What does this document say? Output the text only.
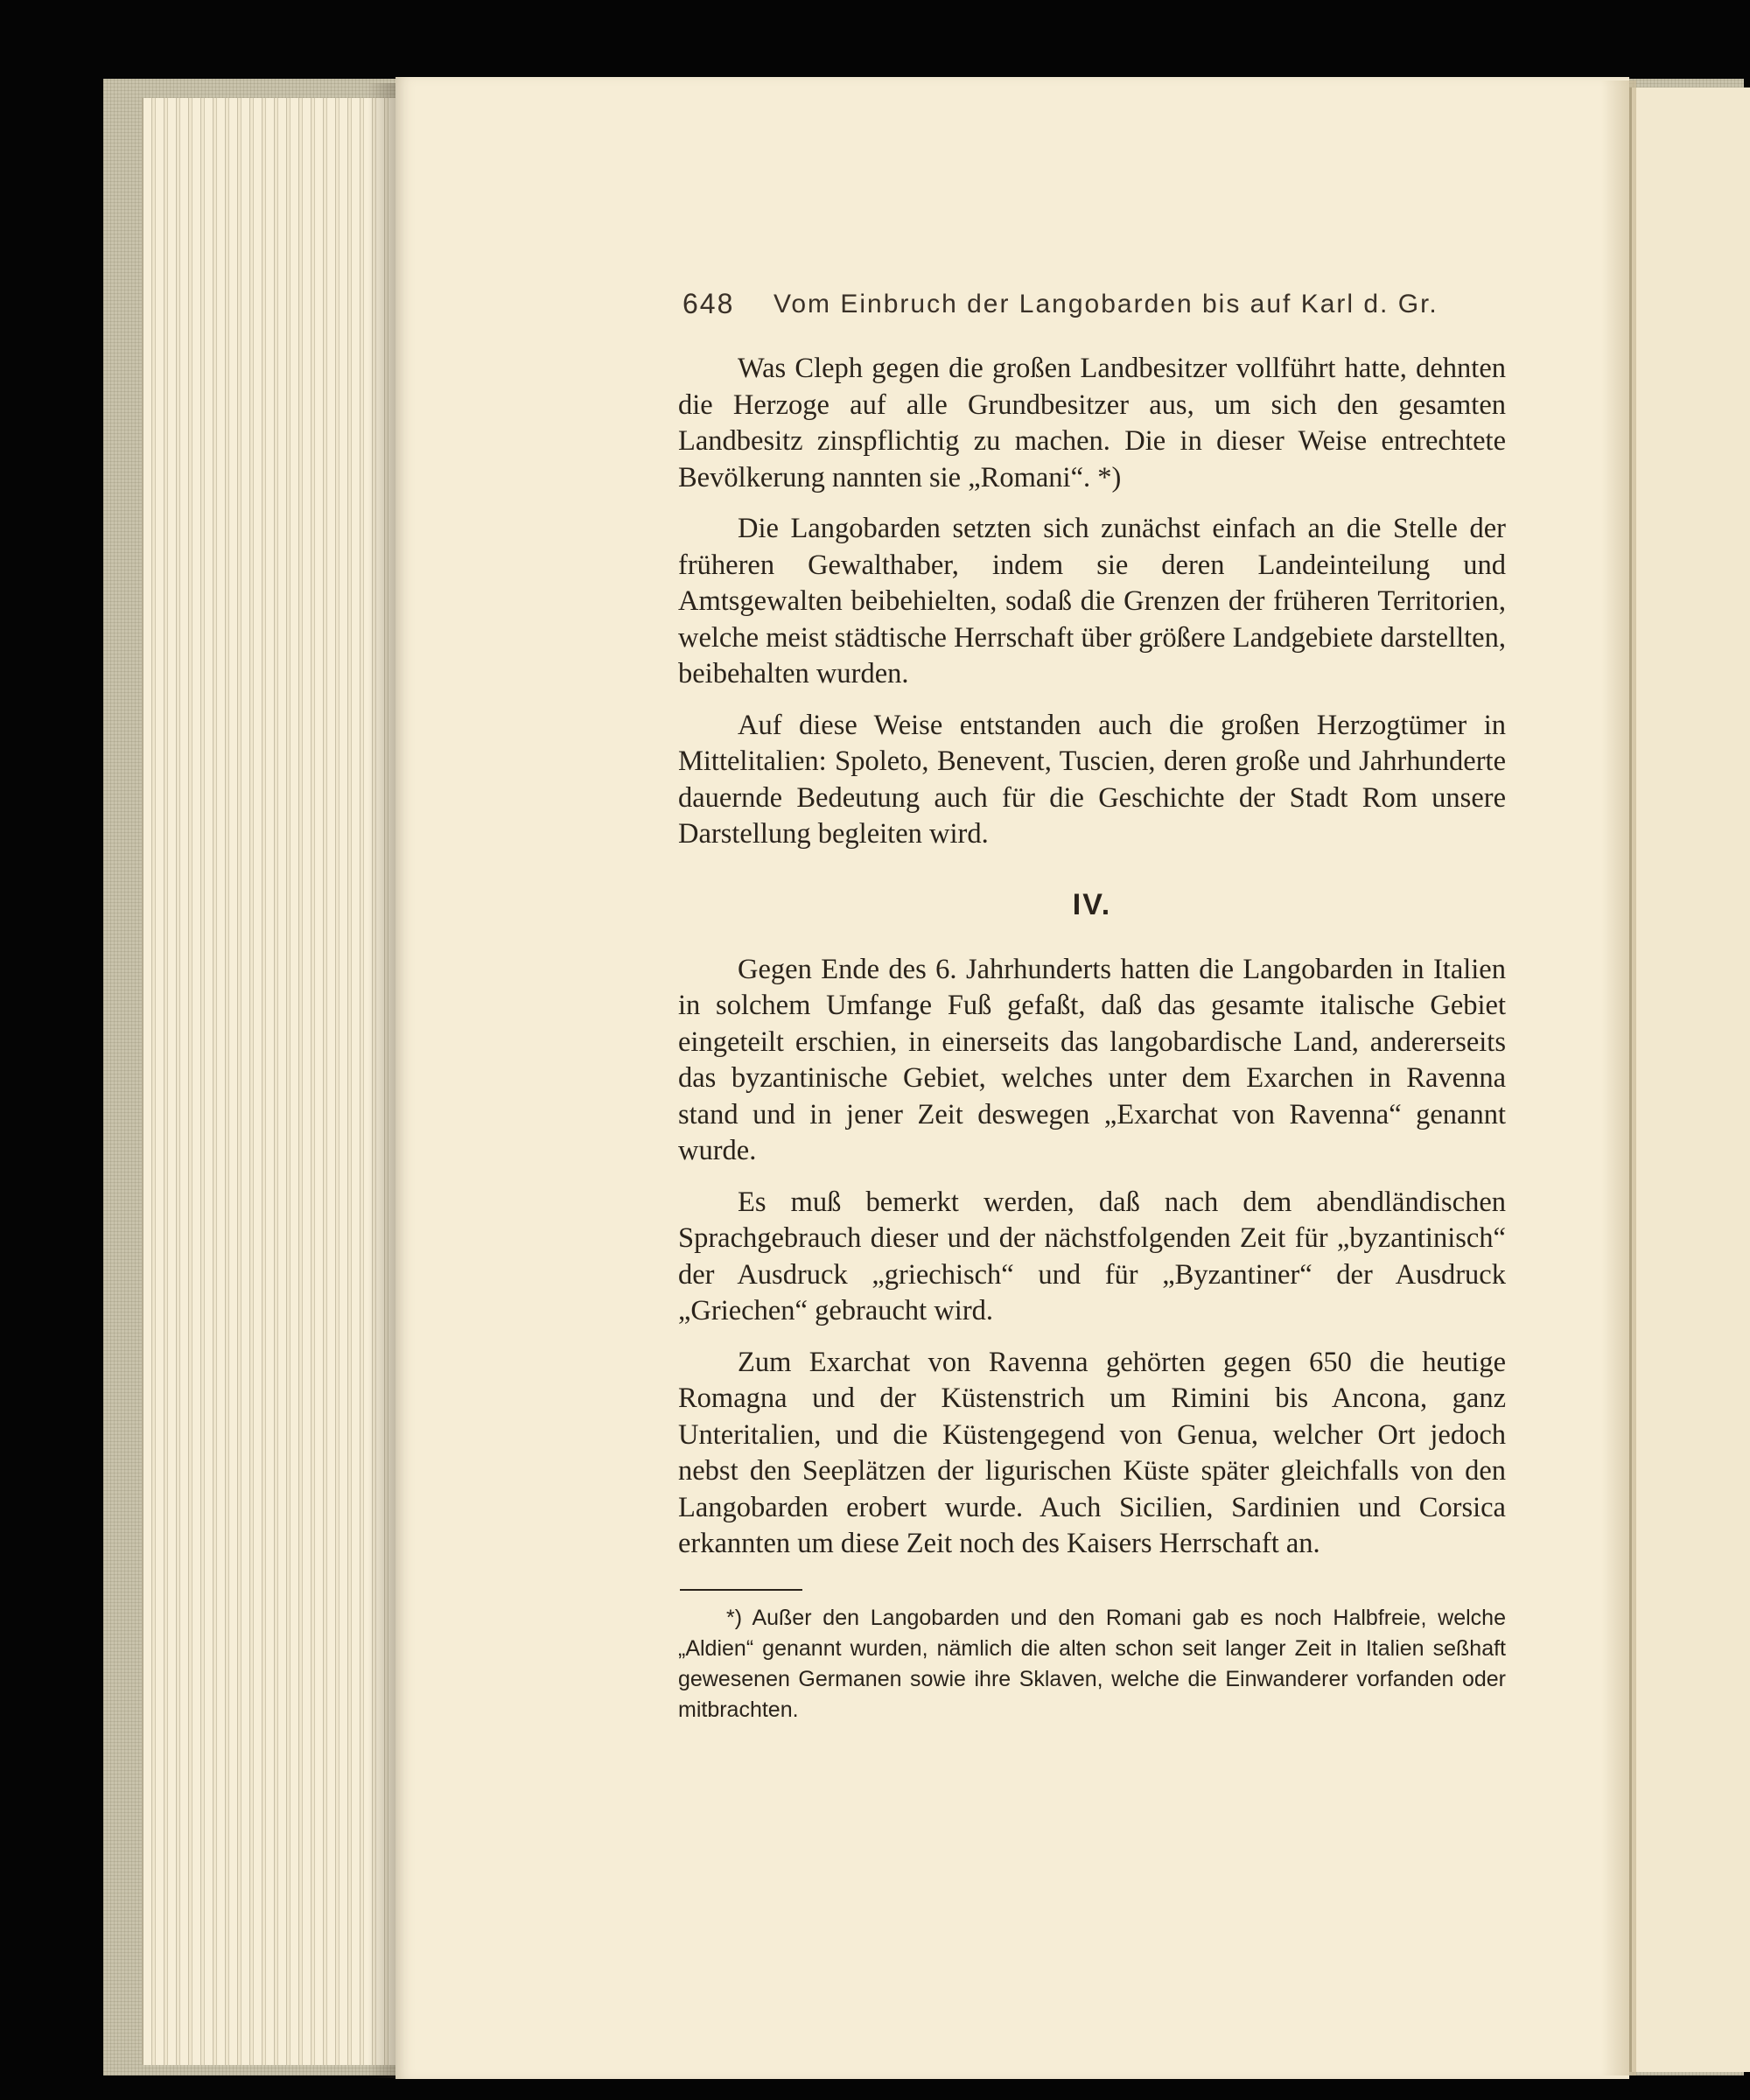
648 Vom Einbruch der Langobarden bis auf Karl d. Gr.

Was Cleph gegen die großen Landbesitzer vollführt hatte, dehnten die Herzoge auf alle Grundbesitzer aus, um sich den gesamten Landbesitz zinspflichtig zu machen. Die in dieser Weise entrechtete Bevölkerung nannten sie „Romani“. *)

Die Langobarden setzten sich zunächst einfach an die Stelle der früheren Gewalthaber, indem sie deren Landeinteilung und Amtsgewalten beibehielten, sodaß die Grenzen der früheren Territorien, welche meist städtische Herrschaft über größere Landgebiete darstellten, beibehalten wurden.

Auf diese Weise entstanden auch die großen Herzogtümer in Mittelitalien: Spoleto, Benevent, Tuscien, deren große und Jahrhunderte dauernde Bedeutung auch für die Geschichte der Stadt Rom unsere Darstellung begleiten wird.

IV.

Gegen Ende des 6. Jahrhunderts hatten die Langobarden in Italien in solchem Umfange Fuß gefaßt, daß das gesamte italische Gebiet eingeteilt erschien, in einerseits das langobardische Land, andererseits das byzantinische Gebiet, welches unter dem Exarchen in Ravenna stand und in jener Zeit deswegen „Exarchat von Ravenna“ genannt wurde.

Es muß bemerkt werden, daß nach dem abendländischen Sprachgebrauch dieser und der nächstfolgenden Zeit für „byzantinisch“ der Ausdruck „griechisch“ und für „Byzantiner“ der Ausdruck „Griechen“ gebraucht wird.

Zum Exarchat von Ravenna gehörten gegen 650 die heutige Romagna und der Küstenstrich um Rimini bis Ancona, ganz Unteritalien, und die Küstengegend von Genua, welcher Ort jedoch nebst den Seeplätzen der ligurischen Küste später gleichfalls von den Langobarden erobert wurde. Auch Sicilien, Sardinien und Corsica erkannten um diese Zeit noch des Kaisers Herrschaft an.

*) Außer den Langobarden und den Romani gab es noch Halbfreie, welche „Aldien“ genannt wurden, nämlich die alten schon seit langer Zeit in Italien seßhaft gewesenen Germanen sowie ihre Sklaven, welche die Einwanderer vorfanden oder mitbrachten.
